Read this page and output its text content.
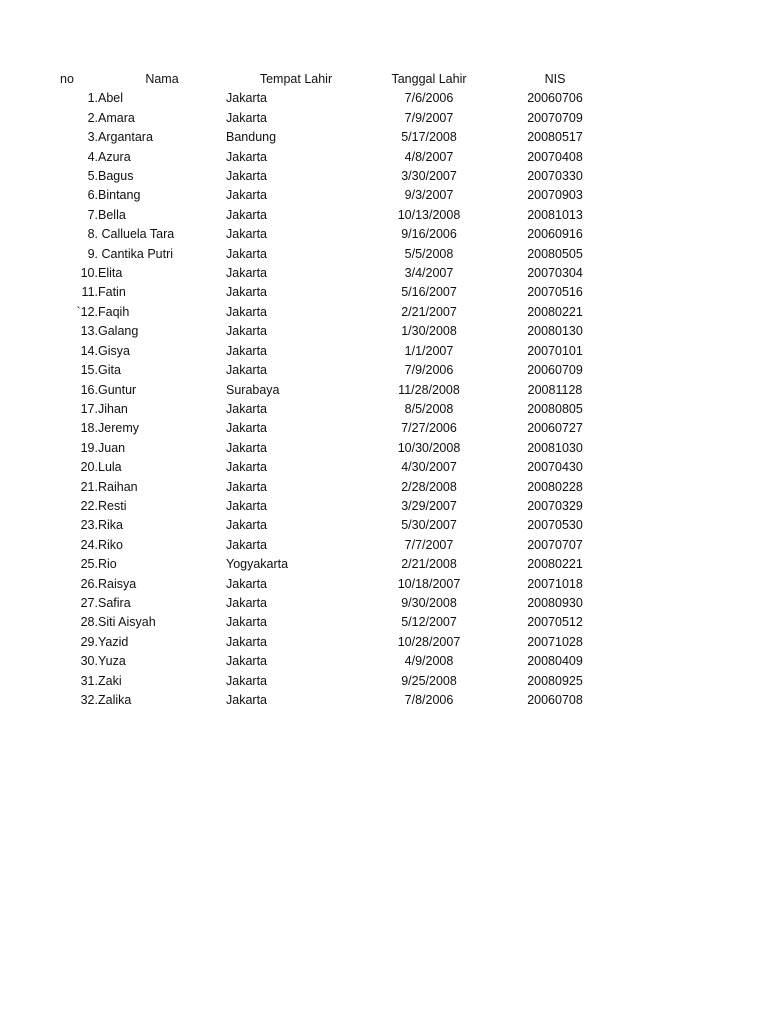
no	Nama	Tempat Lahir	Tanggal Lahir	NIS
1.	Abel	Jakarta	7/6/2006	20060706
2.	Amara	Jakarta	7/9/2007	20070709
3.	Argantara	Bandung	5/17/2008	20080517
4.	Azura	Jakarta	4/8/2007	20070408
5.	Bagus	Jakarta	3/30/2007	20070330
6.	Bintang	Jakarta	9/3/2007	20070903
7.	Bella	Jakarta	10/13/2008	20081013
8.	Calluela Tara	Jakarta	9/16/2006	20060916
9.	Cantika Putri	Jakarta	5/5/2008	20080505
10.	Elita	Jakarta	3/4/2007	20070304
11.	Fatin	Jakarta	5/16/2007	20070516
`12.	Faqih	Jakarta	2/21/2007	20080221
13.	Galang	Jakarta	1/30/2008	20080130
14.	Gisya	Jakarta	1/1/2007	20070101
15.	Gita	Jakarta	7/9/2006	20060709
16.	Guntur	Surabaya	11/28/2008	20081128
17.	Jihan	Jakarta	8/5/2008	20080805
18.	Jeremy	Jakarta	7/27/2006	20060727
19.	Juan	Jakarta	10/30/2008	20081030
20.	Lula	Jakarta	4/30/2007	20070430
21.	Raihan	Jakarta	2/28/2008	20080228
22.	Resti	Jakarta	3/29/2007	20070329
23.	Rika	Jakarta	5/30/2007	20070530
24.	Riko	Jakarta	7/7/2007	20070707
25.	Rio	Yogyakarta	2/21/2008	20080221
26.	Raisya	Jakarta	10/18/2007	20071018
27.	Safira	Jakarta	9/30/2008	20080930
28.	Siti Aisyah	Jakarta	5/12/2007	20070512
29.	Yazid	Jakarta	10/28/2007	20071028
30.	Yuza	Jakarta	4/9/2008	20080409
31.	Zaki	Jakarta	9/25/2008	20080925
32.	Zalika	Jakarta	7/8/2006	20060708
